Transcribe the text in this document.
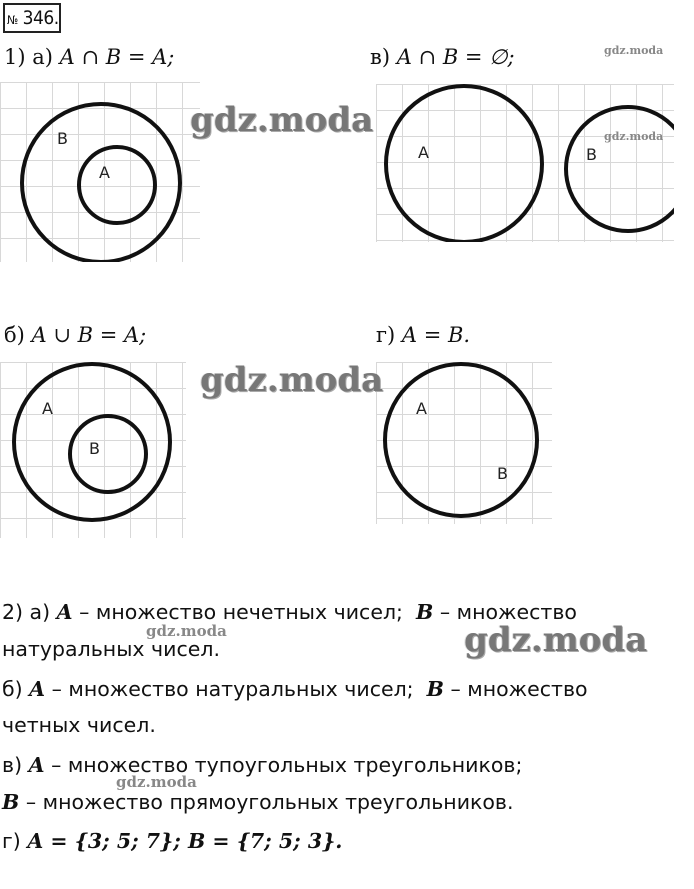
№ 346.
1) а) A ∩ B = A;	в) A ∩ B = ∅;
б) A ∪ B = A;	г) A = B.
B
A
A	B
A
B
A
B
2) а) A – множество нечетных чисел; B – множество
натуральных чисел.
б) A – множество натуральных чисел; B – множество
четных чисел.
в) A – множество тупоугольных треугольников;
B – множество прямоугольных треугольников.
г) A = {3; 5; 7}; B = {7; 5; 3}.
gdz.moda
gdz.moda
gdz.moda
gdz.moda
gdz.moda
gdz.moda
gdz.moda
